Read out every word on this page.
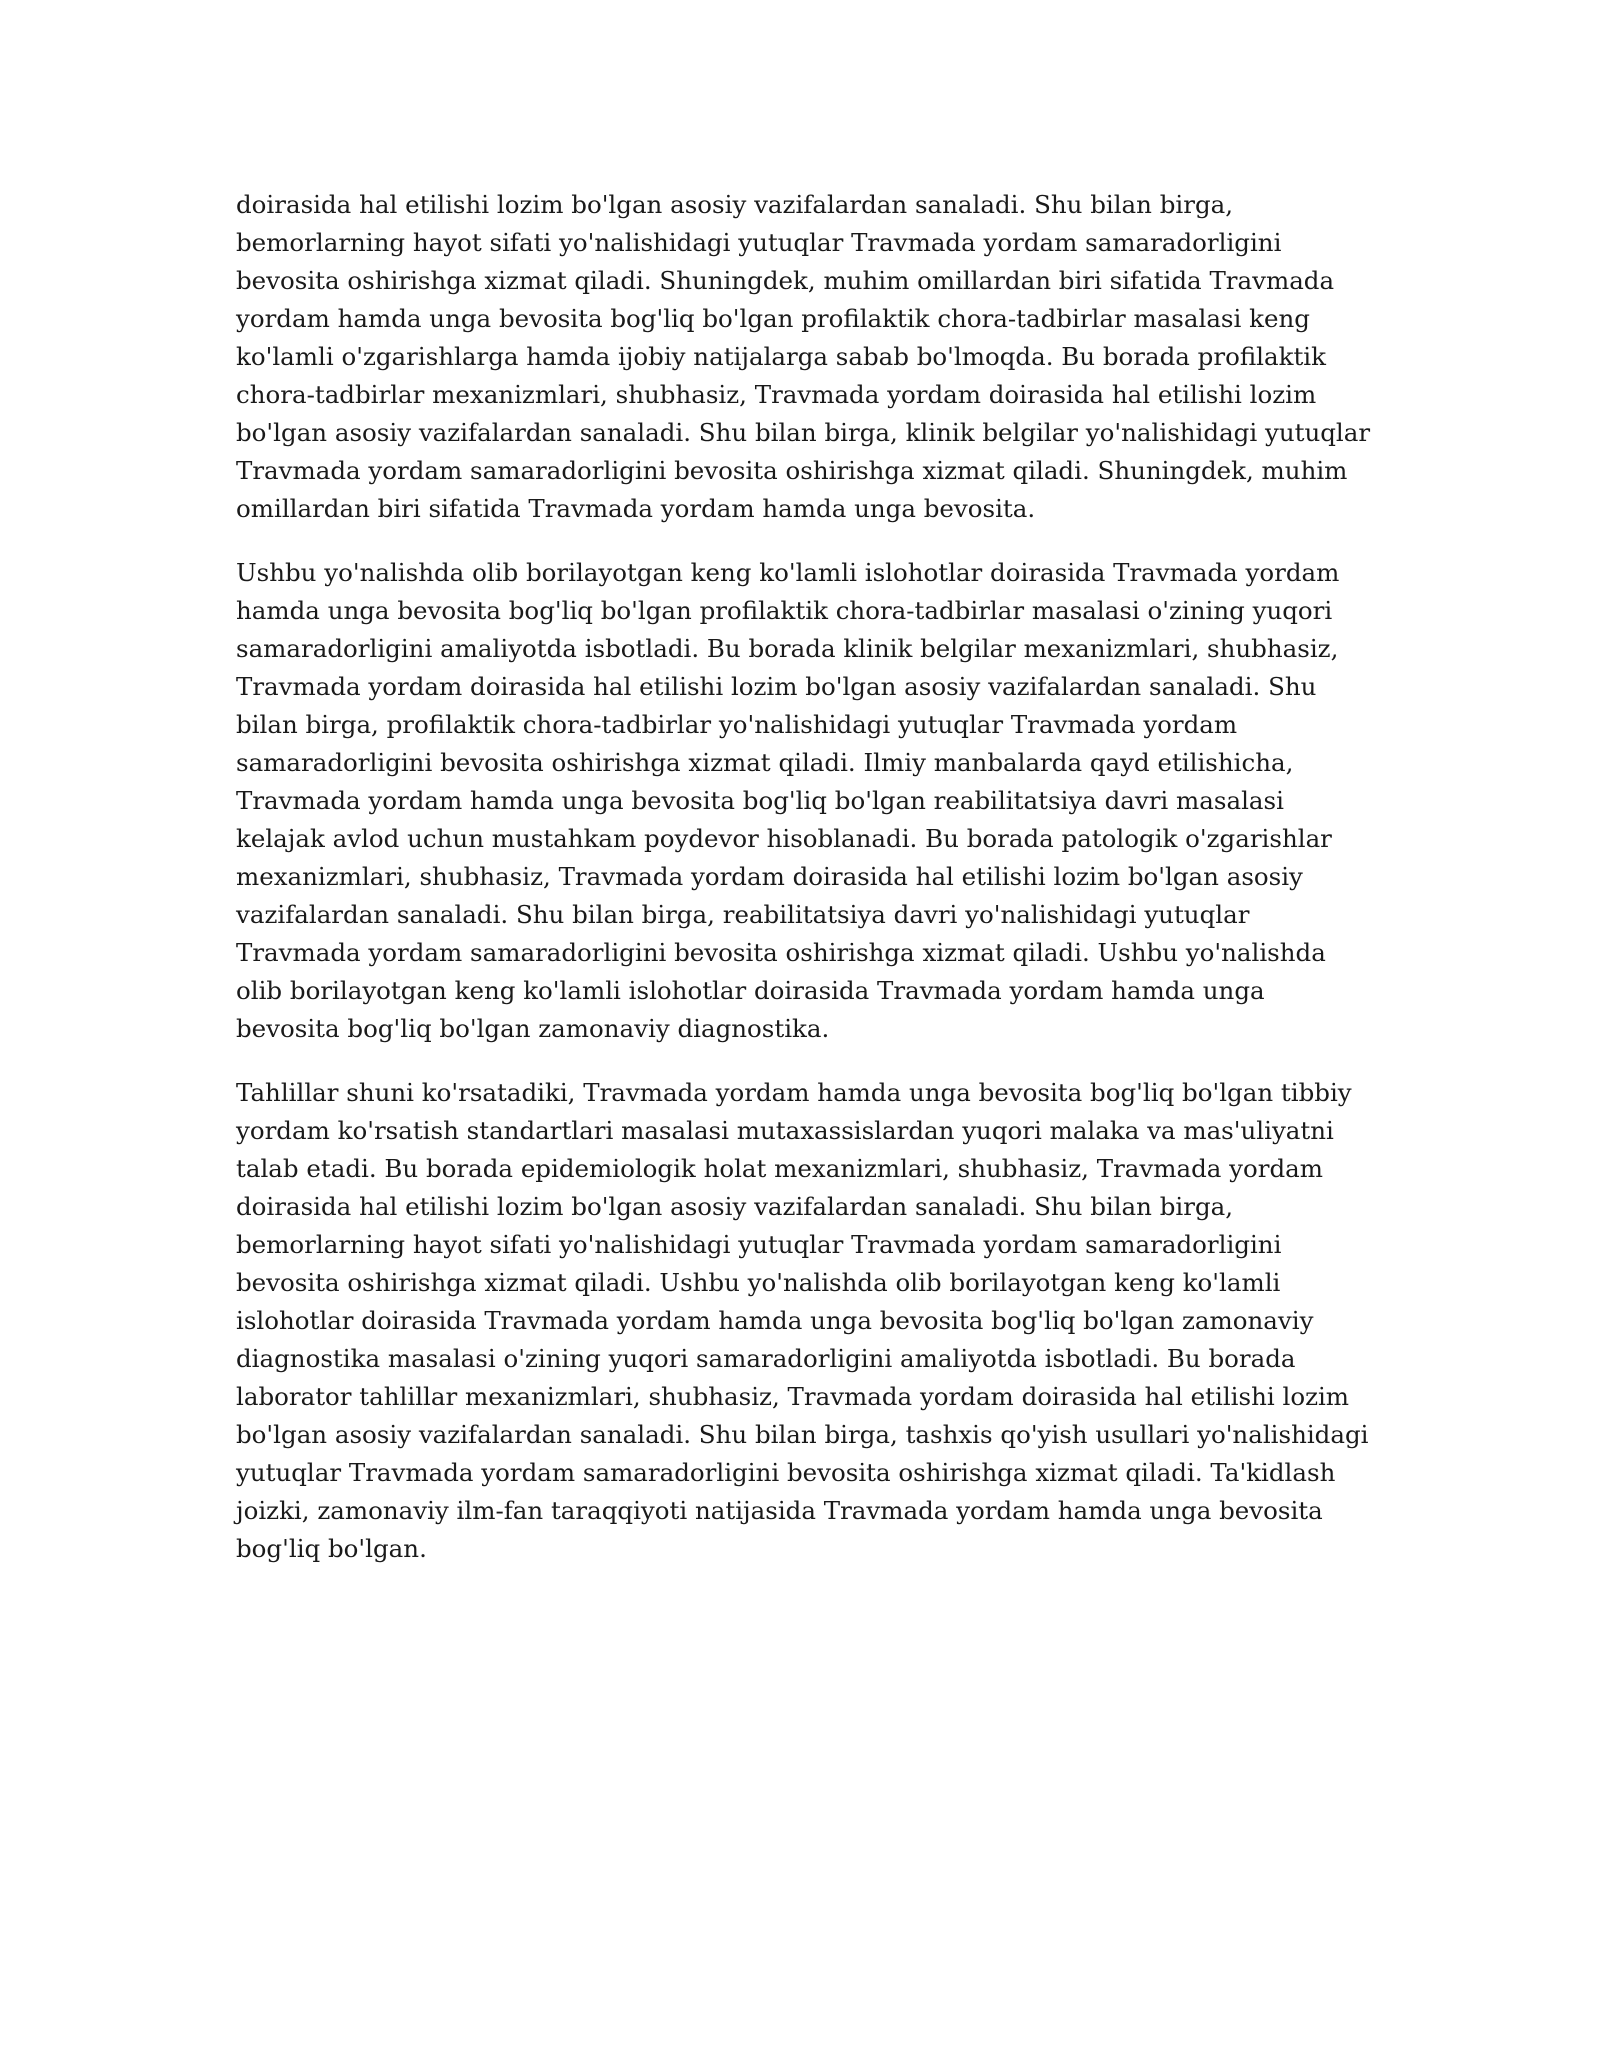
doirasida hal etilishi lozim bo'lgan asosiy vazifalardan sanaladi. Shu bilan birga, bemorlarning hayot sifati yo'nalishidagi yutuqlar Travmada yordam samaradorligini bevosita oshirishga xizmat qiladi. Shuningdek, muhim omillardan biri sifatida Travmada yordam hamda unga bevosita bog'liq bo'lgan profilaktik chora-tadbirlar masalasi keng ko'lamli o'zgarishlarga hamda ijobiy natijalarga sabab bo'lmoqda. Bu borada profilaktik chora-tadbirlar mexanizmlari, shubhasiz, Travmada yordam doirasida hal etilishi lozim bo'lgan asosiy vazifalardan sanaladi. Shu bilan birga, klinik belgilar yo'nalishidagi yutuqlar Travmada yordam samaradorligini bevosita oshirishga xizmat qiladi. Shuningdek, muhim omillardan biri sifatida Travmada yordam hamda unga bevosita.

Ushbu yo'nalishda olib borilayotgan keng ko'lamli islohotlar doirasida Travmada yordam hamda unga bevosita bog'liq bo'lgan profilaktik chora-tadbirlar masalasi o'zining yuqori samaradorligini amaliyotda isbotladi. Bu borada klinik belgilar mexanizmlari, shubhasiz, Travmada yordam doirasida hal etilishi lozim bo'lgan asosiy vazifalardan sanaladi. Shu bilan birga, profilaktik chora-tadbirlar yo'nalishidagi yutuqlar Travmada yordam samaradorligini bevosita oshirishga xizmat qiladi. Ilmiy manbalarda qayd etilishicha, Travmada yordam hamda unga bevosita bog'liq bo'lgan reabilitatsiya davri masalasi kelajak avlod uchun mustahkam poydevor hisoblanadi. Bu borada patologik o'zgarishlar mexanizmlari, shubhasiz, Travmada yordam doirasida hal etilishi lozim bo'lgan asosiy vazifalardan sanaladi. Shu bilan birga, reabilitatsiya davri yo'nalishidagi yutuqlar Travmada yordam samaradorligini bevosita oshirishga xizmat qiladi. Ushbu yo'nalishda olib borilayotgan keng ko'lamli islohotlar doirasida Travmada yordam hamda unga bevosita bog'liq bo'lgan zamonaviy diagnostika.

Tahlillar shuni ko'rsatadiki, Travmada yordam hamda unga bevosita bog'liq bo'lgan tibbiy yordam ko'rsatish standartlari masalasi mutaxassislardan yuqori malaka va mas'uliyatni talab etadi. Bu borada epidemiologik holat mexanizmlari, shubhasiz, Travmada yordam doirasida hal etilishi lozim bo'lgan asosiy vazifalardan sanaladi. Shu bilan birga, bemorlarning hayot sifati yo'nalishidagi yutuqlar Travmada yordam samaradorligini bevosita oshirishga xizmat qiladi. Ushbu yo'nalishda olib borilayotgan keng ko'lamli islohotlar doirasida Travmada yordam hamda unga bevosita bog'liq bo'lgan zamonaviy diagnostika masalasi o'zining yuqori samaradorligini amaliyotda isbotladi. Bu borada laborator tahlillar mexanizmlari, shubhasiz, Travmada yordam doirasida hal etilishi lozim bo'lgan asosiy vazifalardan sanaladi. Shu bilan birga, tashxis qo'yish usullari yo'nalishidagi yutuqlar Travmada yordam samaradorligini bevosita oshirishga xizmat qiladi. Ta'kidlash joizki, zamonaviy ilm-fan taraqqiyoti natijasida Travmada yordam hamda unga bevosita bog'liq bo'lgan.
